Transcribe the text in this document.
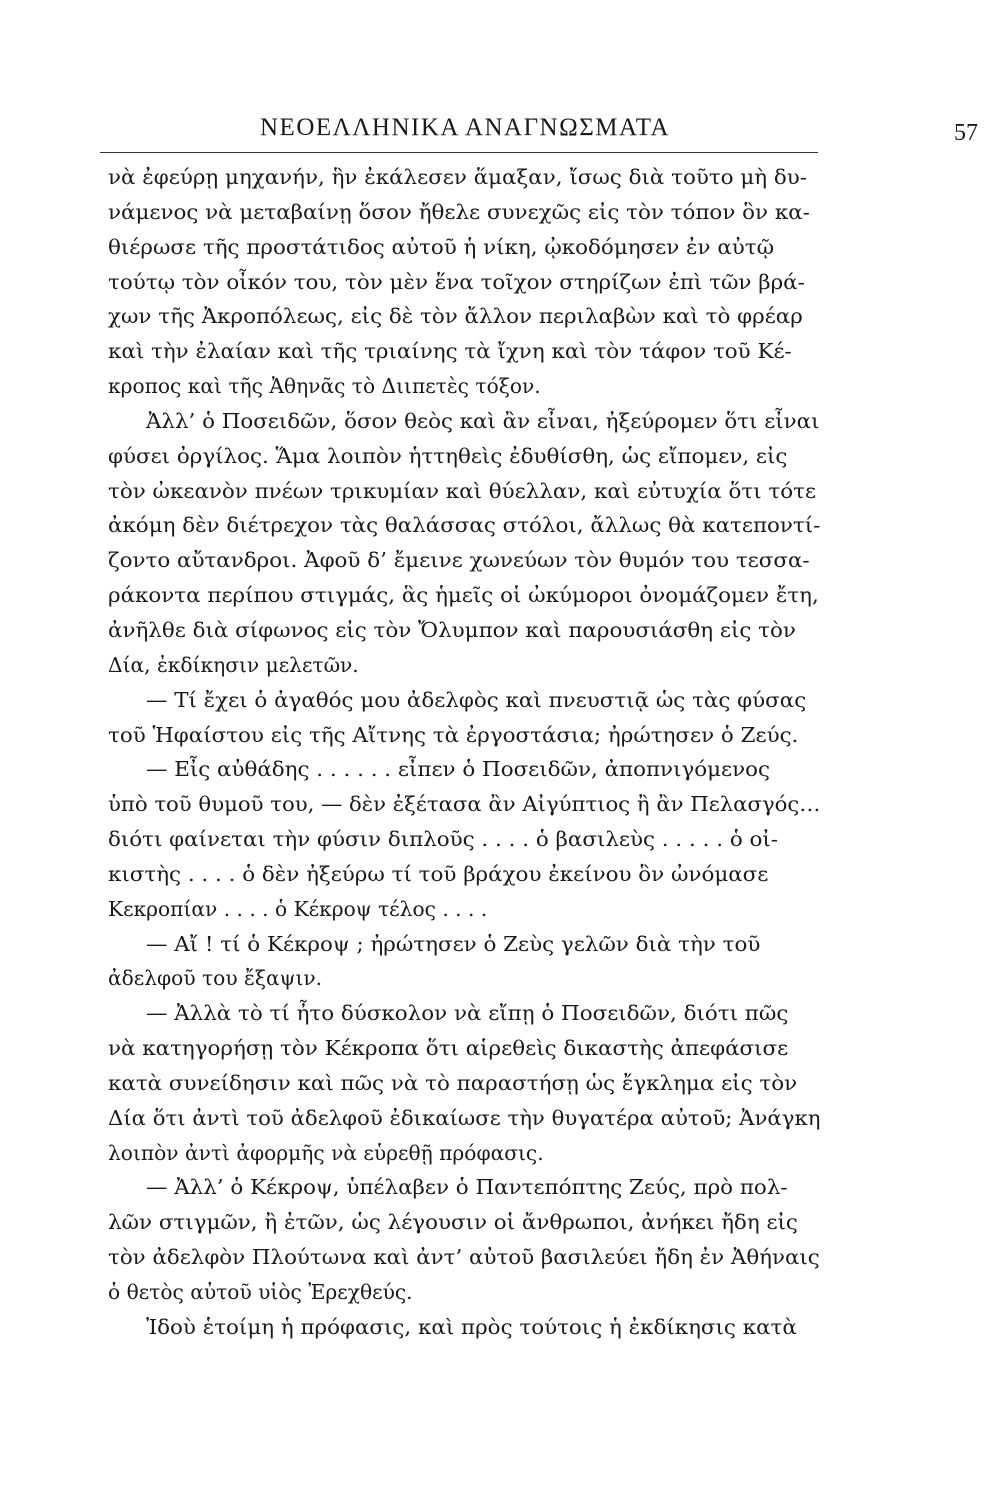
ΝΕΟΕΛΛΗΝΙΚΑ ΑΝΑΓΝΩΣΜΑΤΑ	57
νὰ ἐφεύρῃ μηχανήν, ἣν ἐκάλεσεν ἅμαξαν, ἴσως διὰ τοῦτο μὴ δυ-
νάμενος νὰ μεταβαίνῃ ὅσον ἤθελε συνεχῶς εἰς τὸν τόπον ὃν κα-
θιέρωσε τῆς προστάτιδος αὐτοῦ ἡ νίκη, ᾠκοδόμησεν ἐν αὐτῷ
τούτῳ τὸν οἶκόν του, τὸν μὲν ἕνα τοῖχον στηρίζων ἐπὶ τῶν βρά-
χων τῆς Ἀκροπόλεως, εἰς δὲ τὸν ἄλλον περιλαβὼν καὶ τὸ φρέαρ
καὶ τὴν ἐλαίαν καὶ τῆς τριαίνης τὰ ἴχνη καὶ τὸν τάφον τοῦ Κέ-
κροπος καὶ τῆς Ἀθηνᾶς τὸ Διιπετὲς τόξον.
Ἀλλ’ ὁ Ποσειδῶν, ὅσον θεὸς καὶ ἂν εἶναι, ἠξεύρομεν ὅτι εἶναι
φύσει ὀργίλος. Ἅμα λοιπὸν ἡττηθεὶς ἐδυθίσθη, ὡς εἴπομεν, εἰς
τὸν ὠκεανὸν πνέων τρικυμίαν καὶ θύελλαν, καὶ εὐτυχία ὅτι τότε
ἀκόμη δὲν διέτρεχον τὰς θαλάσσας στόλοι, ἄλλως θὰ κατεποντί-
ζοντο αὔτανδροι. Ἀφοῦ δ’ ἔμεινε χωνεύων τὸν θυμόν του τεσσα-
ράκοντα περίπου στιγμάς, ἃς ἡμεῖς οἱ ὠκύμοροι ὀνομάζομεν ἔτη,
ἀνῆλθε διὰ σίφωνος εἰς τὸν Ὄλυμπον καὶ παρουσιάσθη εἰς τὸν
Δία, ἐκδίκησιν μελετῶν.
— Τί ἔχει ὁ ἀγαθός μου ἀδελφὸς καὶ πνευστιᾷ ὡς τὰς φύσας
τοῦ Ἡφαίστου εἰς τῆς Αἴτνης τὰ ἐργοστάσια; ἠρώτησεν ὁ Ζεύς.
— Εἶς αὐθάδης . . . . . . εἶπεν ὁ Ποσειδῶν, ἀποπνιγόμενος
ὑπὸ τοῦ θυμοῦ του, — δὲν ἐξέτασα ἂν Αἰγύπτιος ἢ ἂν Πελασγός…
διότι φαίνεται τὴν φύσιν διπλοῦς . . . . ὁ βασιλεὺς . . . . . ὁ οἰ-
κιστὴς . . . . ὁ δὲν ἠξεύρω τί τοῦ βράχου ἐκείνου ὃν ὠνόμασε
Κεκροπίαν . . . . ὁ Κέκροψ τέλος . . . .
— Αἴ ! τί ὁ Κέκροψ ; ἠρώτησεν ὁ Ζεὺς γελῶν διὰ τὴν τοῦ
ἀδελφοῦ του ἔξαψιν.
— Ἀλλὰ τὸ τί ἦτο δύσκολον νὰ εἴπῃ ὁ Ποσειδῶν, διότι πῶς
νὰ κατηγορήσῃ τὸν Κέκροπα ὅτι αἱρεθεὶς δικαστὴς ἀπεφάσισε
κατὰ συνείδησιν καὶ πῶς νὰ τὸ παραστήσῃ ὡς ἔγκλημα εἰς τὸν
Δία ὅτι ἀντὶ τοῦ ἀδελφοῦ ἐδικαίωσε τὴν θυγατέρα αὐτοῦ; Ἀνάγκη
λοιπὸν ἀντὶ ἀφορμῆς νὰ εὑρεθῇ πρόφασις.
— Ἀλλ’ ὁ Κέκροψ, ὑπέλαβεν ὁ Παντεπόπτης Ζεύς, πρὸ πολ-
λῶν στιγμῶν, ἢ ἐτῶν, ὡς λέγουσιν οἱ ἄνθρωποι, ἀνήκει ἤδη εἰς
τὸν ἀδελφὸν Πλούτωνα καὶ ἀντ’ αὐτοῦ βασιλεύει ἤδη ἐν Ἀθήναις
ὁ θετὸς αὐτοῦ υἱὸς Ἐρεχθεύς.
Ἰδοὺ ἑτοίμη ἡ πρόφασις, καὶ πρὸς τούτοις ἡ ἐκδίκησις κατὰ
